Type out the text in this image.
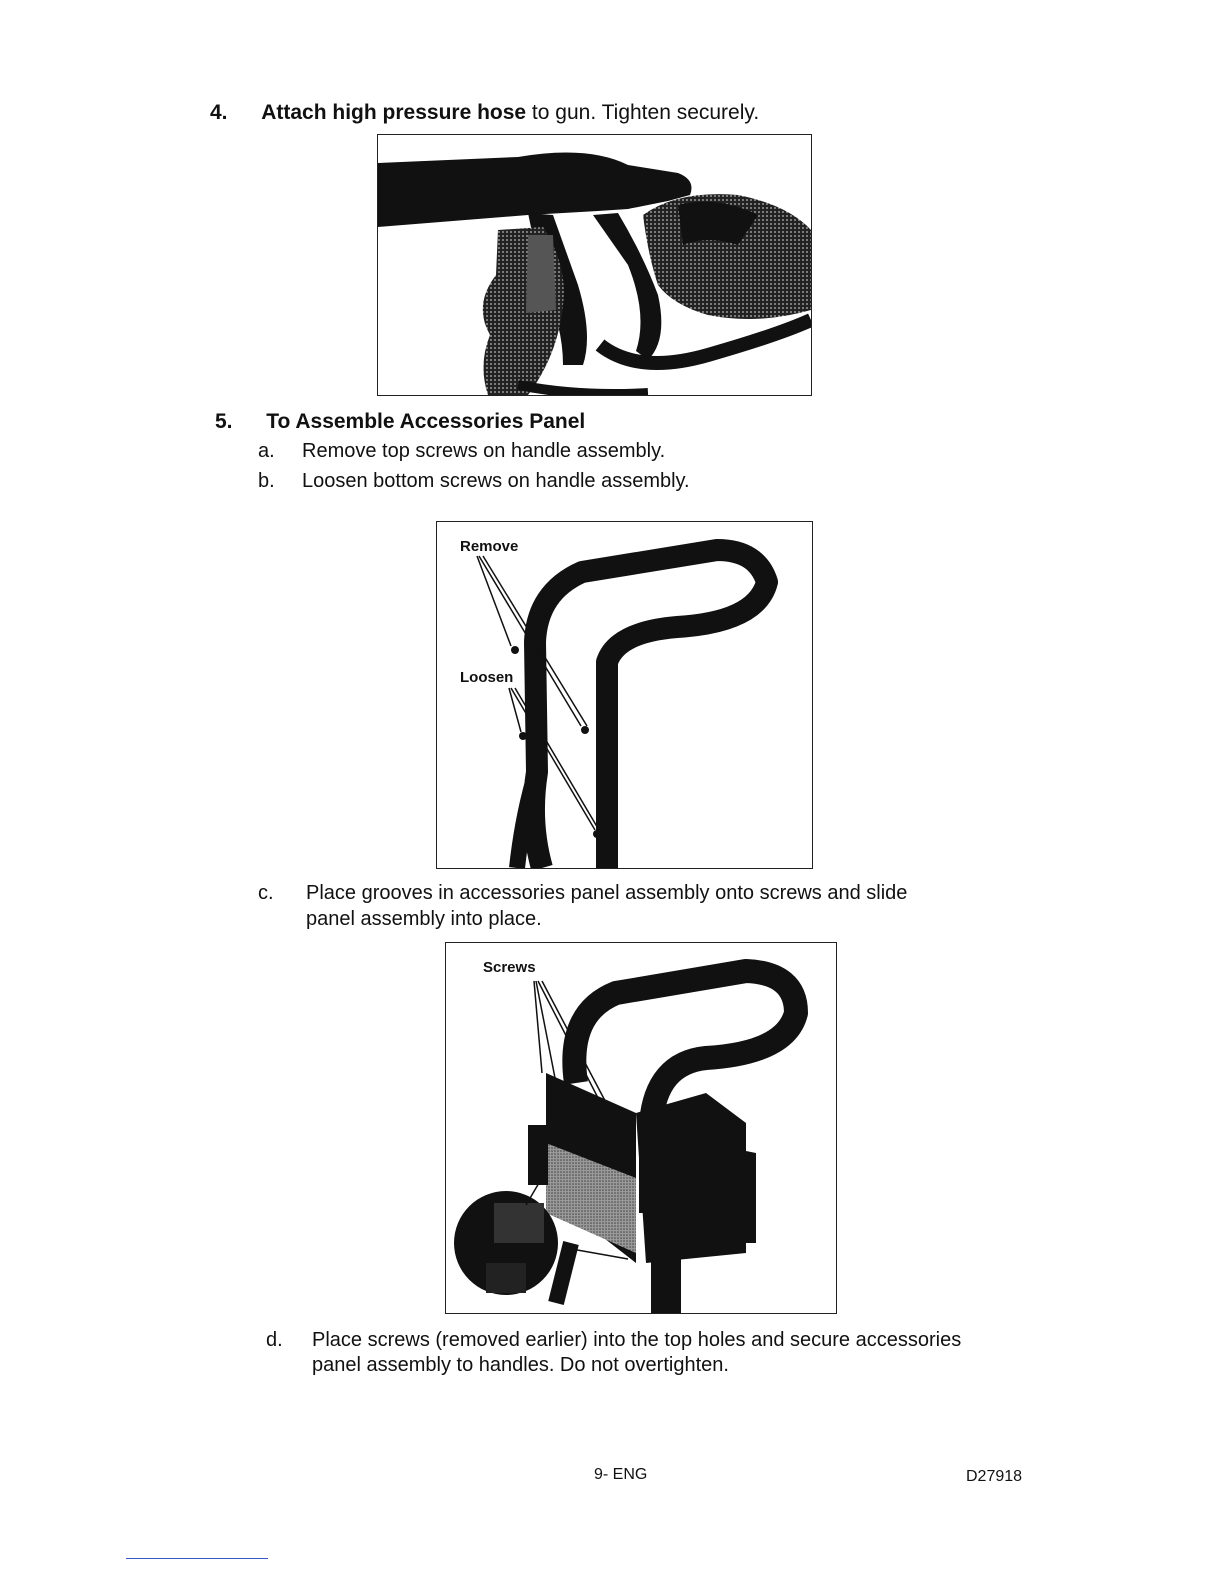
4. Attach high pressure hose to gun. Tighten securely.
5. To Assemble Accessories Panel
a. Remove top screws on handle assembly.
b. Loosen bottom screws on handle assembly.
Remove
Loosen
c. Place grooves in accessories panel assembly onto screws and slide
panel assembly into place.
Screws
d. Place screws (removed earlier) into the top holes and secure accessories
panel assembly to handles. Do not overtighten.
9- ENG	D27918
